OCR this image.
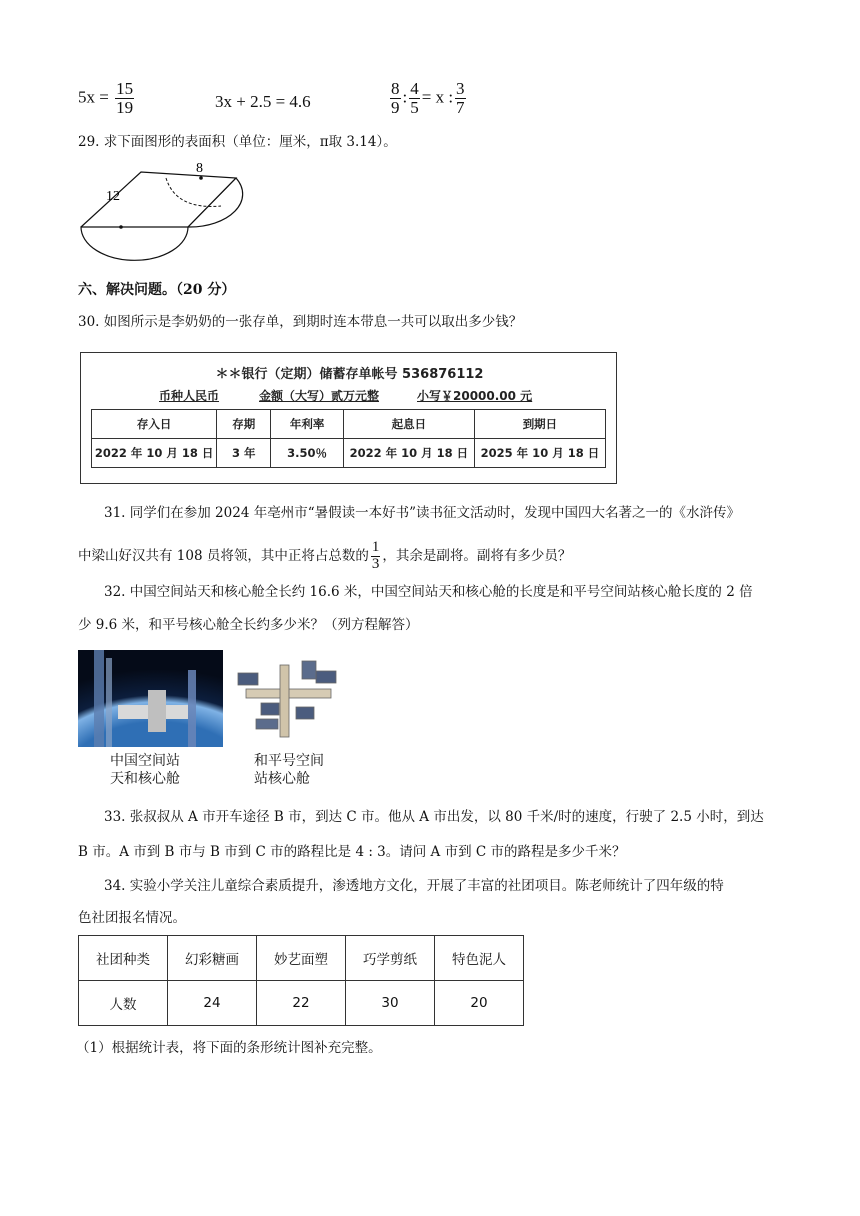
$5x = \frac{15}{19}$	3x + 2.5 = 4.6	$\frac{8}{9}$ : $\frac{4}{5} = x$ : $\frac{3}{7}$
29. 求下面图形的表面积（单位：厘米，π取 3.14）。
8
12
六、解决问题。（20 分）
30. 如图所示是李奶奶的一张存单，到期时连本带息一共可以取出多少钱？
＊＊银行（定期）储蓄存单帐号 536876112
币种人民币	金额（大写）贰万元整	小写￥20000.00 元
存入日	存期	年利率	起息日	到期日
2022 年 10 月 18 日	3 年	3.50％	2022 年 10 月 18 日	2025 年 10 月 18 日
31. 同学们在参加 2024 年亳州市“暑假读一本好书”读书征文活动时，发现中国四大名著之一的《水浒传》
中梁山好汉共有 108 员将领，其中正将占总数的 $\frac{1}{3}$ ，其余是副将。副将有多少员？
32. 中国空间站天和核心舱全长约 16.6 米，中国空间站天和核心舱的长度是和平号空间站核心舱长度的 2 倍
少 9.6 米，和平号核心舱全长约多少米？（列方程解答）
中国空间站
天和核心舱
和平号空间
站核心舱
33. 张叔叔从 A 市开车途径 B 市，到达 C 市。他从 A 市出发，以 80 千米/时的速度，行驶了 2.5 小时，到达
B 市。A 市到 B 市与 B 市到 C 市的路程比是 4 : 3。请问 A 市到 C 市的路程是多少千米？
34. 实验小学关注儿童综合素质提升，渗透地方文化，开展了丰富的社团项目。陈老师统计了四年级的特
色社团报名情况。
社团种类	幻彩糖画	妙艺面塑	巧学剪纸	特色泥人
人数	24	22	30	20
（1）根据统计表，将下面的条形统计图补充完整。
